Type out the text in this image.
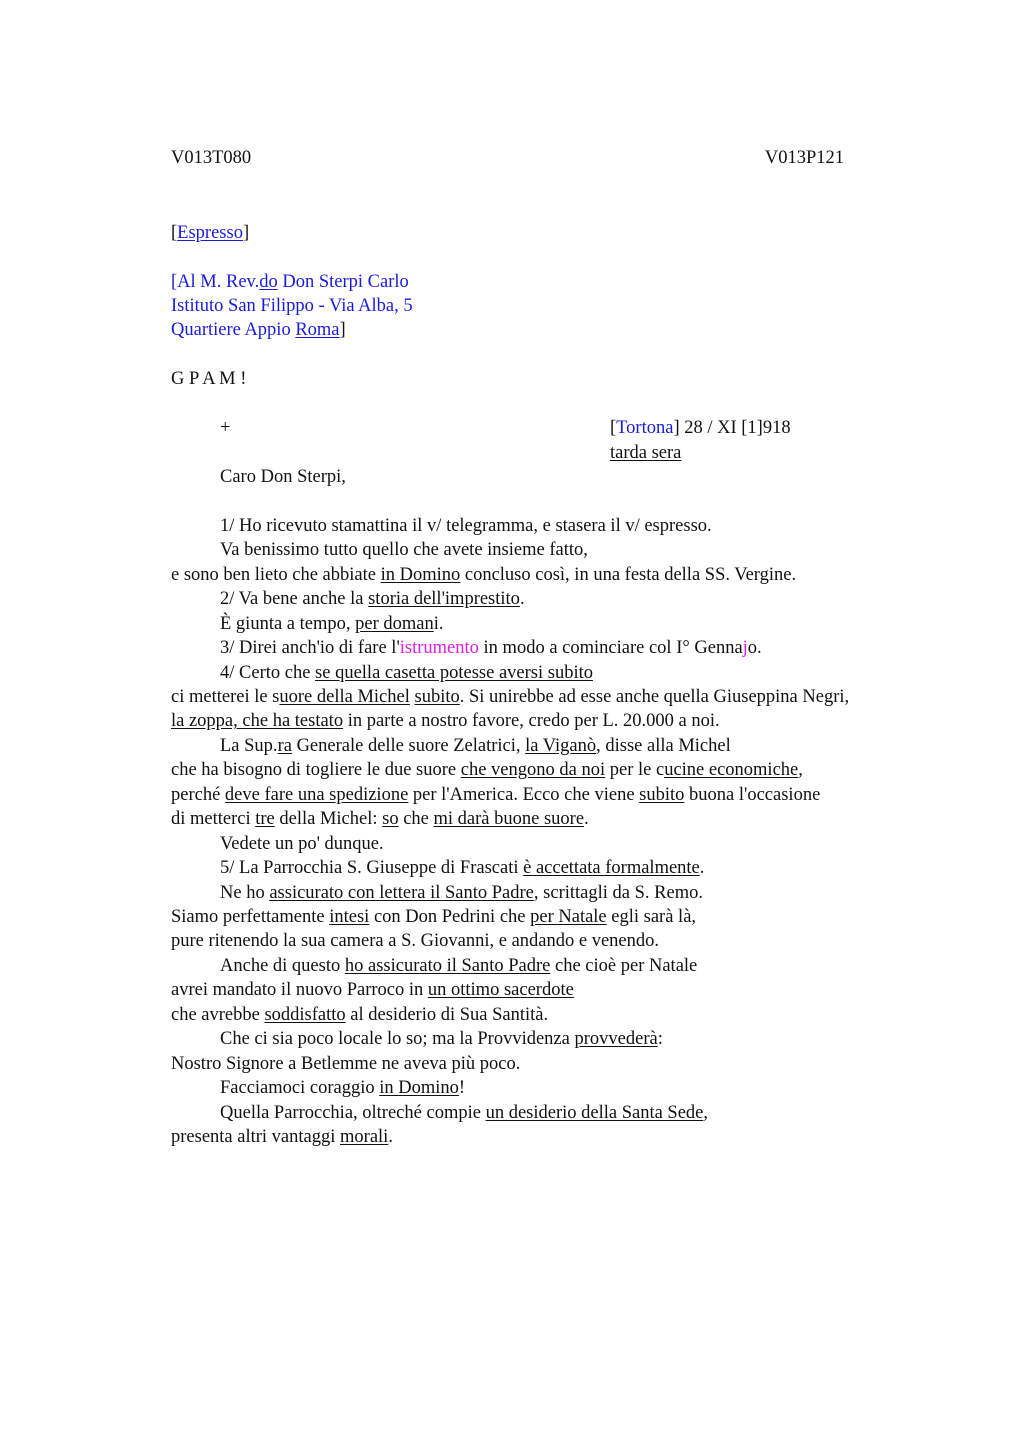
V013T080	V013P121
[Espresso]
[Al M. Rev.do Don Sterpi Carlo
Istituto San Filippo - Via Alba, 5
Quartiere Appio Roma]
G P A M !
+	[Tortona] 28 / XI [1]918
tarda sera
Caro Don Sterpi,
1/ Ho ricevuto stamattina il v/ telegramma, e stasera il v/ espresso.
Va benissimo tutto quello che avete insieme fatto,
e sono ben lieto che abbiate in Domino concluso così, in una festa della SS. Vergine.
2/ Va bene anche la storia dell'imprestito.
È giunta a tempo, per domani.
3/ Direi anch'io di fare l'istrumento in modo a cominciare col I° Gennajo.
4/ Certo che se quella casetta potesse aversi subito
ci metterei le suore della Michel subito. Si unirebbe ad esse anche quella Giuseppina Negri,
la zoppa, che ha testato in parte a nostro favore, credo per L. 20.000 a noi.
La Sup.ra Generale delle suore Zelatrici, la Viganò, disse alla Michel
che ha bisogno di togliere le due suore che vengono da noi per le cucine economiche,
perché deve fare una spedizione per l'America. Ecco che viene subito buona l'occasione
di metterci tre della Michel: so che mi darà buone suore.
Vedete un po' dunque.
5/ La Parrocchia S. Giuseppe di Frascati è accettata formalmente.
Ne ho assicurato con lettera il Santo Padre, scrittagli da S. Remo.
Siamo perfettamente intesi con Don Pedrini che per Natale egli sarà là,
pure ritenendo la sua camera a S. Giovanni, e andando e venendo.
Anche di questo ho assicurato il Santo Padre che cioè per Natale
avrei mandato il nuovo Parroco in un ottimo sacerdote
che avrebbe soddisfatto al desiderio di Sua Santità.
Che ci sia poco locale lo so; ma la Provvidenza provvederà:
Nostro Signore a Betlemme ne aveva più poco.
Facciamoci coraggio in Domino!
Quella Parrocchia, oltreché compie un desiderio della Santa Sede,
presenta altri vantaggi morali.
